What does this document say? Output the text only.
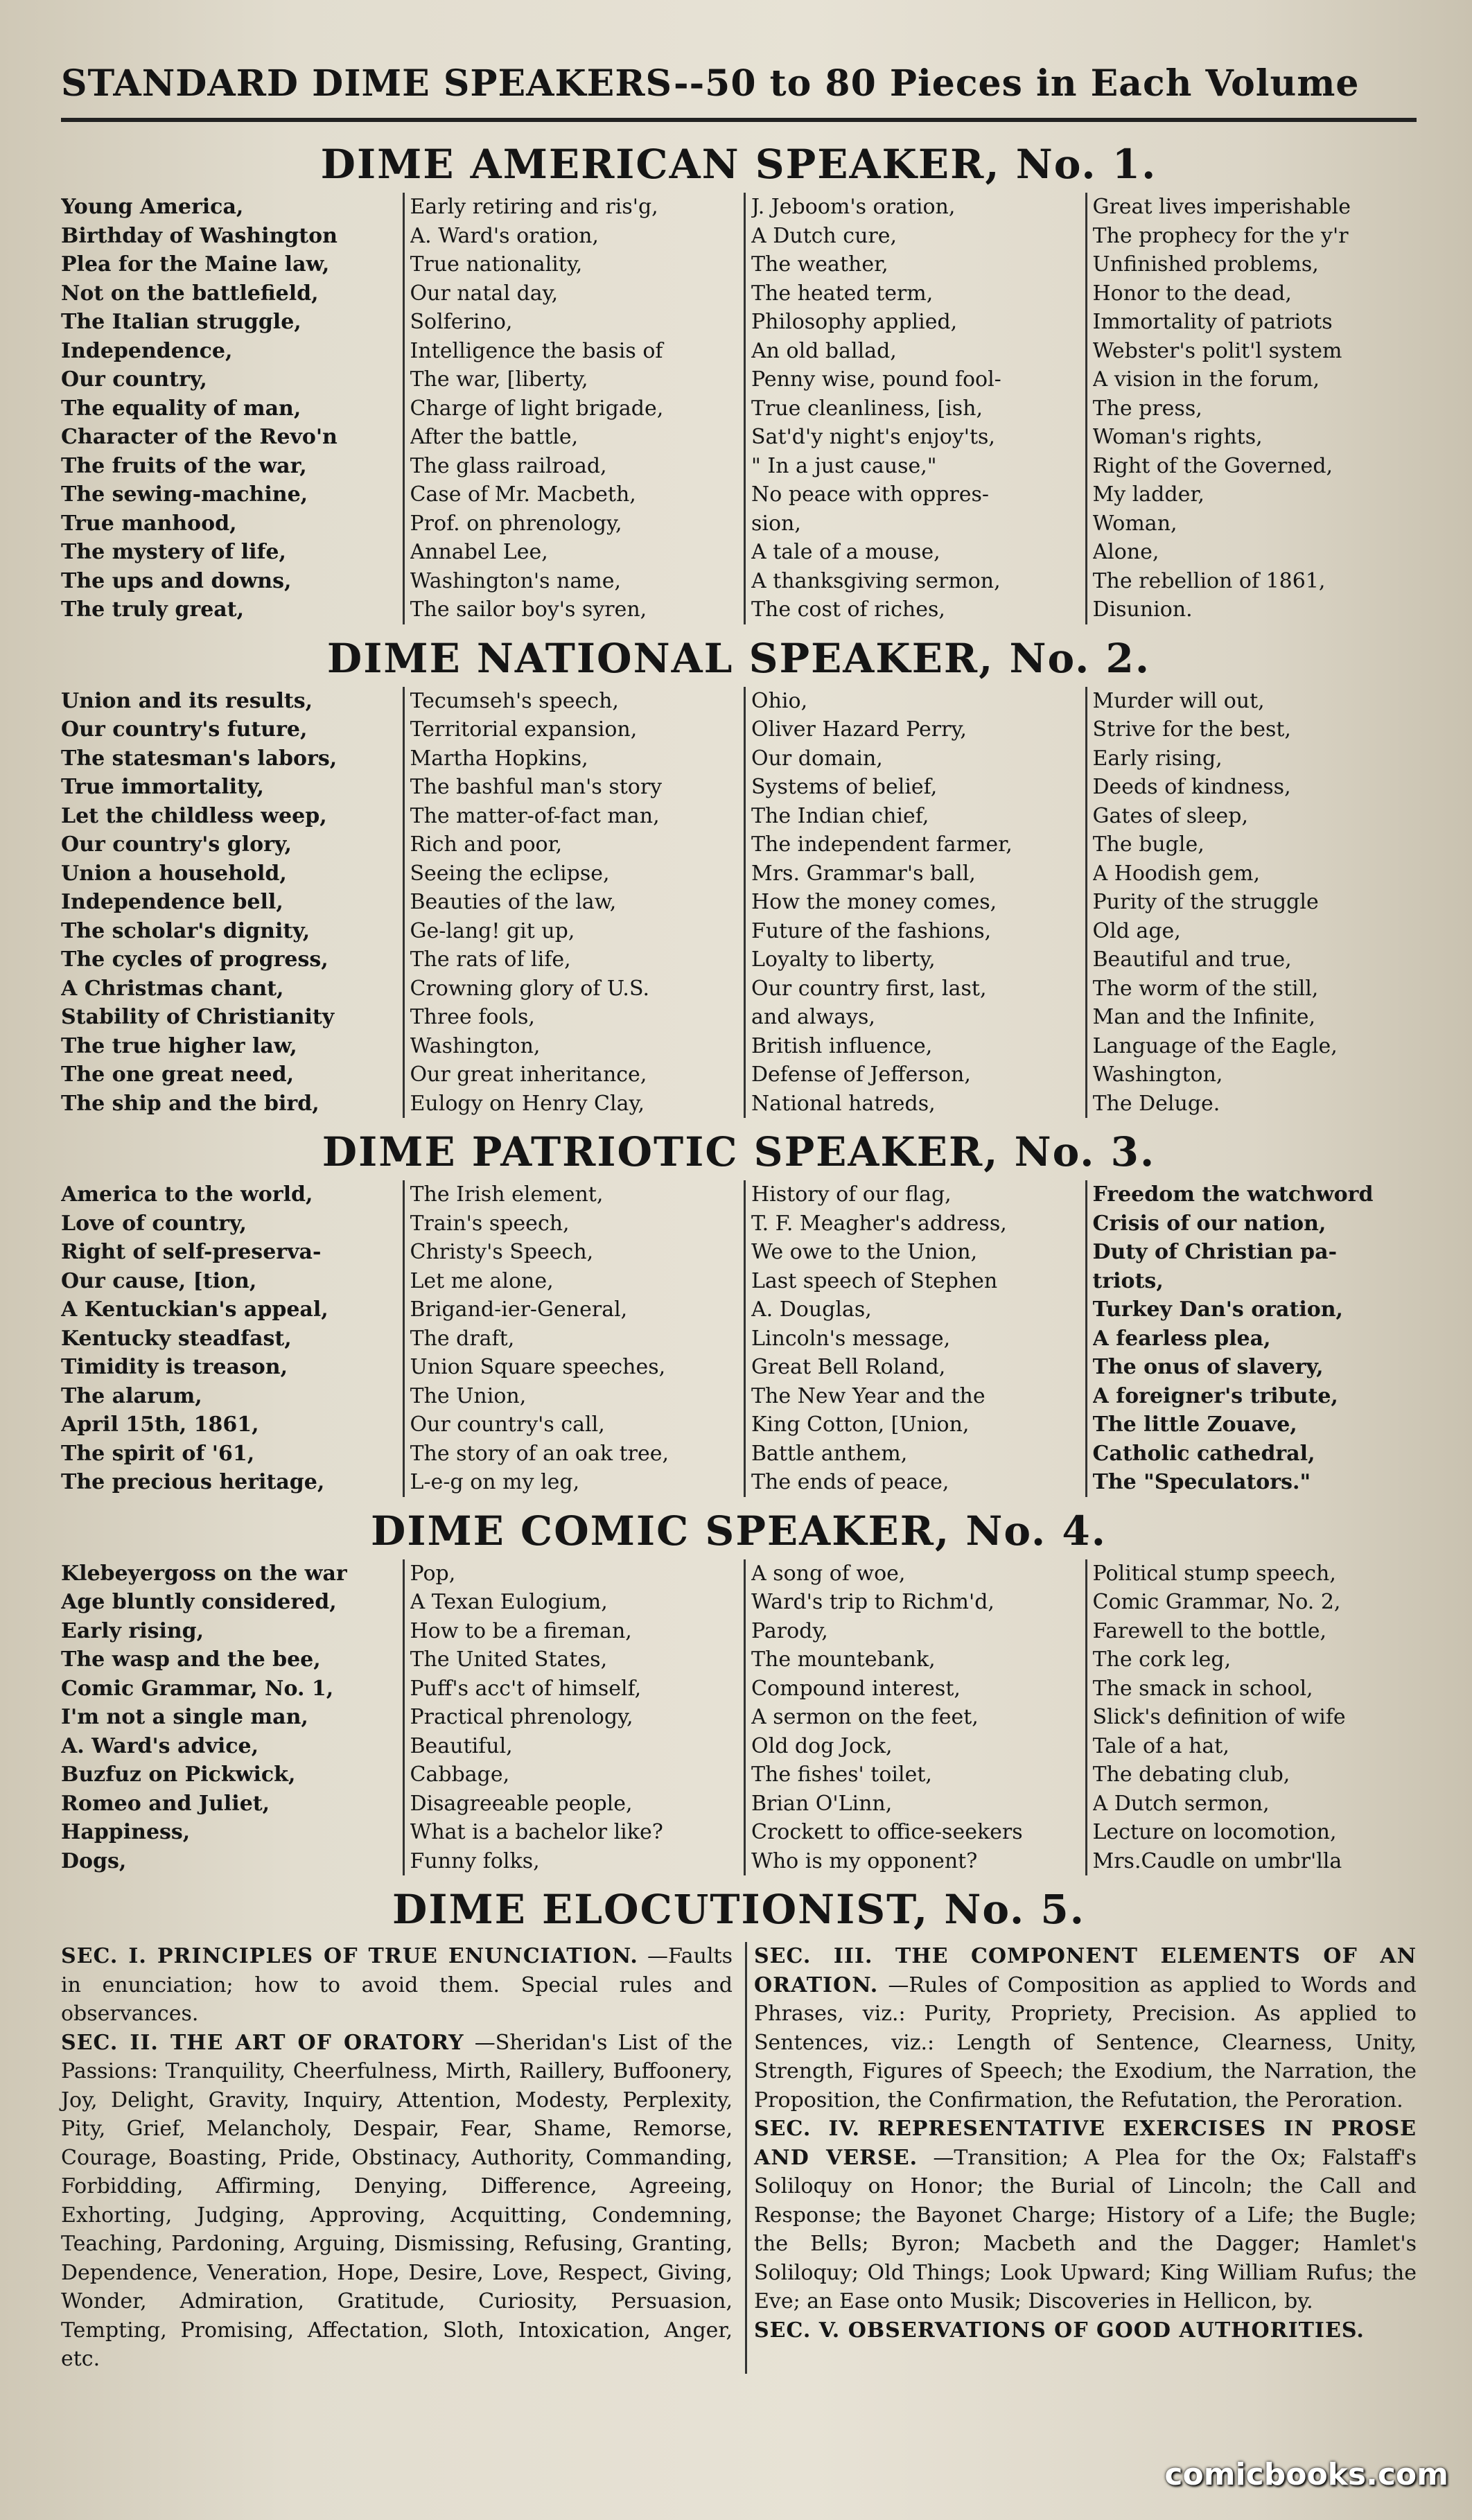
STANDARD DIME SPEAKERS--50 to 80 Pieces in Each Volume
DIME AMERICAN SPEAKER, No. 1.
Young America,
Birthday of Washington
Plea for the Maine law,
Not on the battlefield,
The Italian struggle,
Independence,
Our country,
The equality of man,
Character of the Revo'n
The fruits of the war,
The sewing-machine,
True manhood,
The mystery of life,
The ups and downs,
The truly great,
Early retiring and ris'g,
A. Ward's oration,
True nationality,
Our natal day,
Solferino,
Intelligence the basis of
The war, [liberty,
Charge of light brigade,
After the battle,
The glass railroad,
Case of Mr. Macbeth,
Prof. on phrenology,
Annabel Lee,
Washington's name,
The sailor boy's syren,
J. Jeboom's oration,
A Dutch cure,
The weather,
The heated term,
Philosophy applied,
An old ballad,
Penny wise, pound fool-
True cleanliness, [ish,
Sat'd'y night's enjoy'ts,
" In a just cause,"
No peace with oppres-
sion,
A tale of a mouse,
A thanksgiving sermon,
The cost of riches,
Great lives imperishable
The prophecy for the y'r
Unfinished problems,
Honor to the dead,
Immortality of patriots
Webster's polit'l system
A vision in the forum,
The press,
Woman's rights,
Right of the Governed,
My ladder,
Woman,
Alone,
The rebellion of 1861,
Disunion.
DIME NATIONAL SPEAKER, No. 2.
Union and its results,
Our country's future,
The statesman's labors,
True immortality,
Let the childless weep,
Our country's glory,
Union a household,
Independence bell,
The scholar's dignity,
The cycles of progress,
A Christmas chant,
Stability of Christianity
The true higher law,
The one great need,
The ship and the bird,
Tecumseh's speech,
Territorial expansion,
Martha Hopkins,
The bashful man's story
The matter-of-fact man,
Rich and poor,
Seeing the eclipse,
Beauties of the law,
Ge-lang! git up,
The rats of life,
Crowning glory of U.S.
Three fools,
Washington,
Our great inheritance,
Eulogy on Henry Clay,
Ohio,
Oliver Hazard Perry,
Our domain,
Systems of belief,
The Indian chief,
The independent farmer,
Mrs. Grammar's ball,
How the money comes,
Future of the fashions,
Loyalty to liberty,
Our country first, last,
and always,
British influence,
Defense of Jefferson,
National hatreds,
Murder will out,
Strive for the best,
Early rising,
Deeds of kindness,
Gates of sleep,
The bugle,
A Hoodish gem,
Purity of the struggle
Old age,
Beautiful and true,
The worm of the still,
Man and the Infinite,
Language of the Eagle,
Washington,
The Deluge.
DIME PATRIOTIC SPEAKER, No. 3.
America to the world,
Love of country,
Right of self-preserva-
Our cause, [tion,
A Kentuckian's appeal,
Kentucky steadfast,
Timidity is treason,
The alarum,
April 15th, 1861,
The spirit of '61,
The precious heritage,
The Irish element,
Train's speech,
Christy's Speech,
Let me alone,
Brigand-ier-General,
The draft,
Union Square speeches,
The Union,
Our country's call,
The story of an oak tree,
L-e-g on my leg,
History of our flag,
T. F. Meagher's address,
We owe to the Union,
Last speech of Stephen
A. Douglas,
Lincoln's message,
Great Bell Roland,
The New Year and the
King Cotton, [Union,
Battle anthem,
The ends of peace,
Freedom the watchword
Crisis of our nation,
Duty of Christian pa-
triots,
Turkey Dan's oration,
A fearless plea,
The onus of slavery,
A foreigner's tribute,
The little Zouave,
Catholic cathedral,
The "Speculators."
DIME COMIC SPEAKER, No. 4.
Klebeyergoss on the war
Age bluntly considered,
Early rising,
The wasp and the bee,
Comic Grammar, No. 1,
I'm not a single man,
A. Ward's advice,
Buzfuz on Pickwick,
Romeo and Juliet,
Happiness,
Dogs,
Pop,
A Texan Eulogium,
How to be a fireman,
The United States,
Puff's acc't of himself,
Practical phrenology,
Beautiful,
Cabbage,
Disagreeable people,
What is a bachelor like?
Funny folks,
A song of woe,
Ward's trip to Richm'd,
Parody,
The mountebank,
Compound interest,
A sermon on the feet,
Old dog Jock,
The fishes' toilet,
Brian O'Linn,
Crockett to office-seekers
Who is my opponent?
Political stump speech,
Comic Grammar, No. 2,
Farewell to the bottle,
The cork leg,
The smack in school,
Slick's definition of wife
Tale of a hat,
The debating club,
A Dutch sermon,
Lecture on locomotion,
Mrs.Caudle on umbr'lla
DIME ELOCUTIONIST, No. 5.

SEC. I. PRINCIPLES OF TRUE ENUNCIATION. —Faults in enunciation; how to avoid them. Special rules and observances.

SEC. II. THE ART OF ORATORY —Sheridan's List of the Passions: Tranquility, Cheerfulness, Mirth, Raillery, Buffoonery, Joy, Delight, Gravity, Inquiry, Attention, Modesty, Perplexity, Pity, Grief, Melancholy, Despair, Fear, Shame, Remorse, Courage, Boasting, Pride, Obstinacy, Authority, Commanding, Forbidding, Affirming, Denying, Difference, Agreeing, Exhorting, Judging, Approving, Acquitting, Condemning, Teaching, Pardoning, Arguing, Dismissing, Refusing, Granting, Dependence, Veneration, Hope, Desire, Love, Respect, Giving, Wonder, Admiration, Gratitude, Curiosity, Persuasion, Tempting, Promising, Affectation, Sloth, Intoxication, Anger, etc.

SEC. III. THE COMPONENT ELEMENTS OF AN ORATION. —Rules of Composition as applied to Words and Phrases, viz.: Purity, Propriety, Precision. As applied to Sentences, viz.: Length of Sentence, Clearness, Unity, Strength, Figures of Speech; the Exodium, the Narration, the Proposition, the Confirmation, the Refutation, the Peroration.

SEC. IV. REPRESENTATIVE EXERCISES IN PROSE AND VERSE. —Transition; A Plea for the Ox; Falstaff's Soliloquy on Honor; the Burial of Lincoln; the Call and Response; the Bayonet Charge; History of a Life; the Bugle; the Bells; Byron; Macbeth and the Dagger; Hamlet's Soliloquy; Old Things; Look Upward; King William Rufus; the Eve; an Ease onto Musik; Discoveries in Hellicon, by.

SEC. V. OBSERVATIONS OF GOOD AUTHORITIES.

comicbooks.com
